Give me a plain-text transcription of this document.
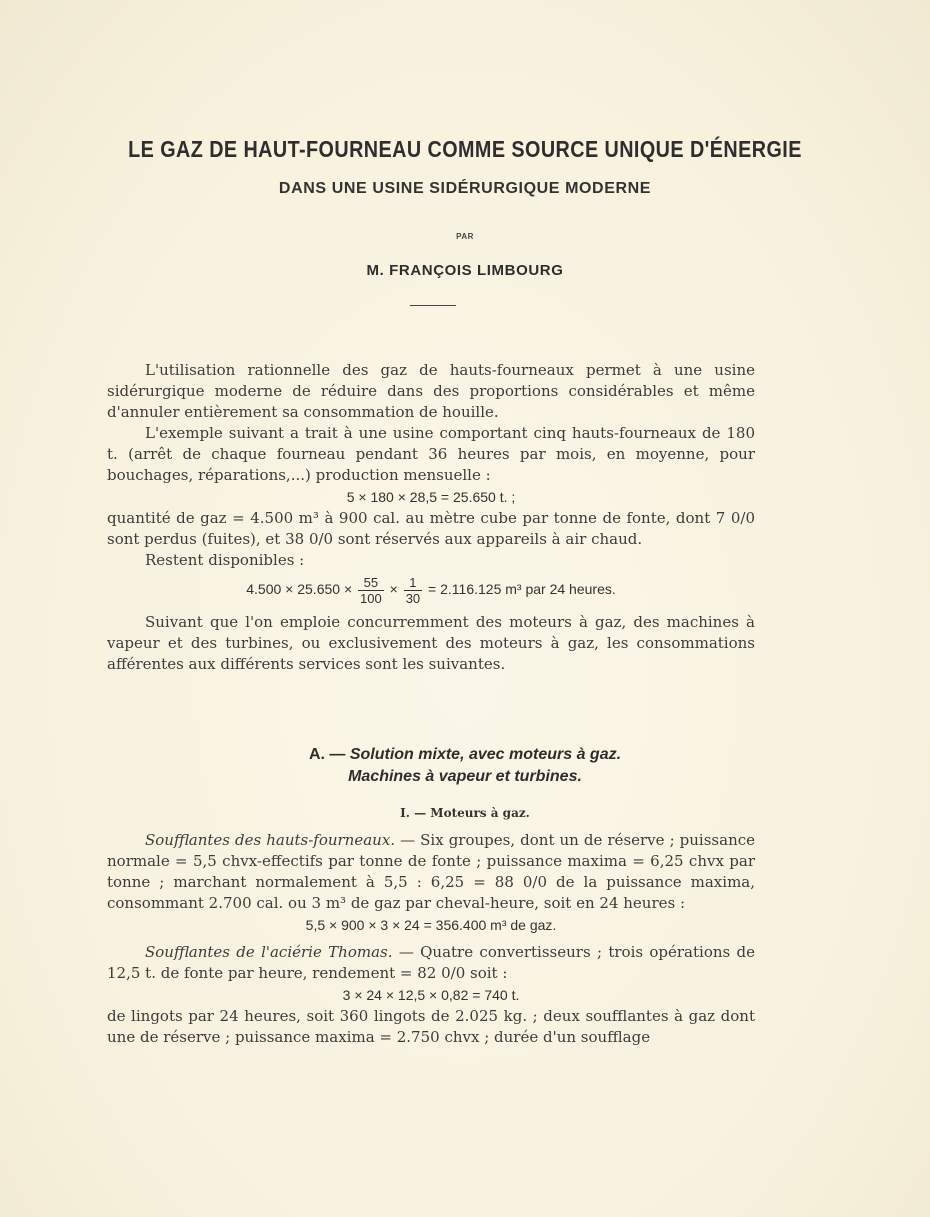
LE GAZ DE HAUT-FOURNEAU COMME SOURCE UNIQUE D'ÉNERGIE
DANS UNE USINE SIDÉRURGIQUE MODERNE
PAR
M. FRANÇOIS LIMBOURG

L'utilisation rationnelle des gaz de hauts-fourneaux permet à une usine sidérurgique moderne de réduire dans des proportions considérables et même d'annuler entièrement sa consommation de houille.

L'exemple suivant a trait à une usine comportant cinq hauts-fourneaux de 180 t. (arrêt de chaque fourneau pendant 36 heures par mois, en moyenne, pour bouchages, réparations,...) production mensuelle :

5 × 180 × 28,5 = 25.650 t. ;

quantité de gaz = 4.500 m³ à 900 cal. au mètre cube par tonne de fonte, dont 7 0/0 sont perdus (fuites), et 38 0/0 sont réservés aux appareils à air chaud.

Restent disponibles :

$4.500 \times 25.650 \times \frac{55}{100} \times \frac{1}{30} = 2.116.125$ m³ par 24 heures.

Suivant que l'on emploie concurremment des moteurs à gaz, des machines à vapeur et des turbines, ou exclusivement des moteurs à gaz, les consommations afférentes aux différents services sont les suivantes.

A. — Solution mixte, avec moteurs à gaz.
Machines à vapeur et turbines.
I. — Moteurs à gaz.

Soufflantes des hauts-fourneaux. — Six groupes, dont un de réserve ; puissance normale = 5,5 chvx-effectifs par tonne de fonte ; puissance maxima = 6,25 chvx par tonne ; marchant normalement à 5,5 : 6,25 = 88 0/0 de la puissance maxima, consommant 2.700 cal. ou 3 m³ de gaz par cheval-heure, soit en 24 heures :

5,5 × 900 × 3 × 24 = 356.400 m³ de gaz.

Soufflantes de l'aciérie Thomas. — Quatre convertisseurs ; trois opérations de 12,5 t. de fonte par heure, rendement = 82 0/0 soit :

3 × 24 × 12,5 × 0,82 = 740 t.

de lingots par 24 heures, soit 360 lingots de 2.025 kg. ; deux soufflantes à gaz dont une de réserve ; puissance maxima = 2.750 chvx ; durée d'un soufflage
